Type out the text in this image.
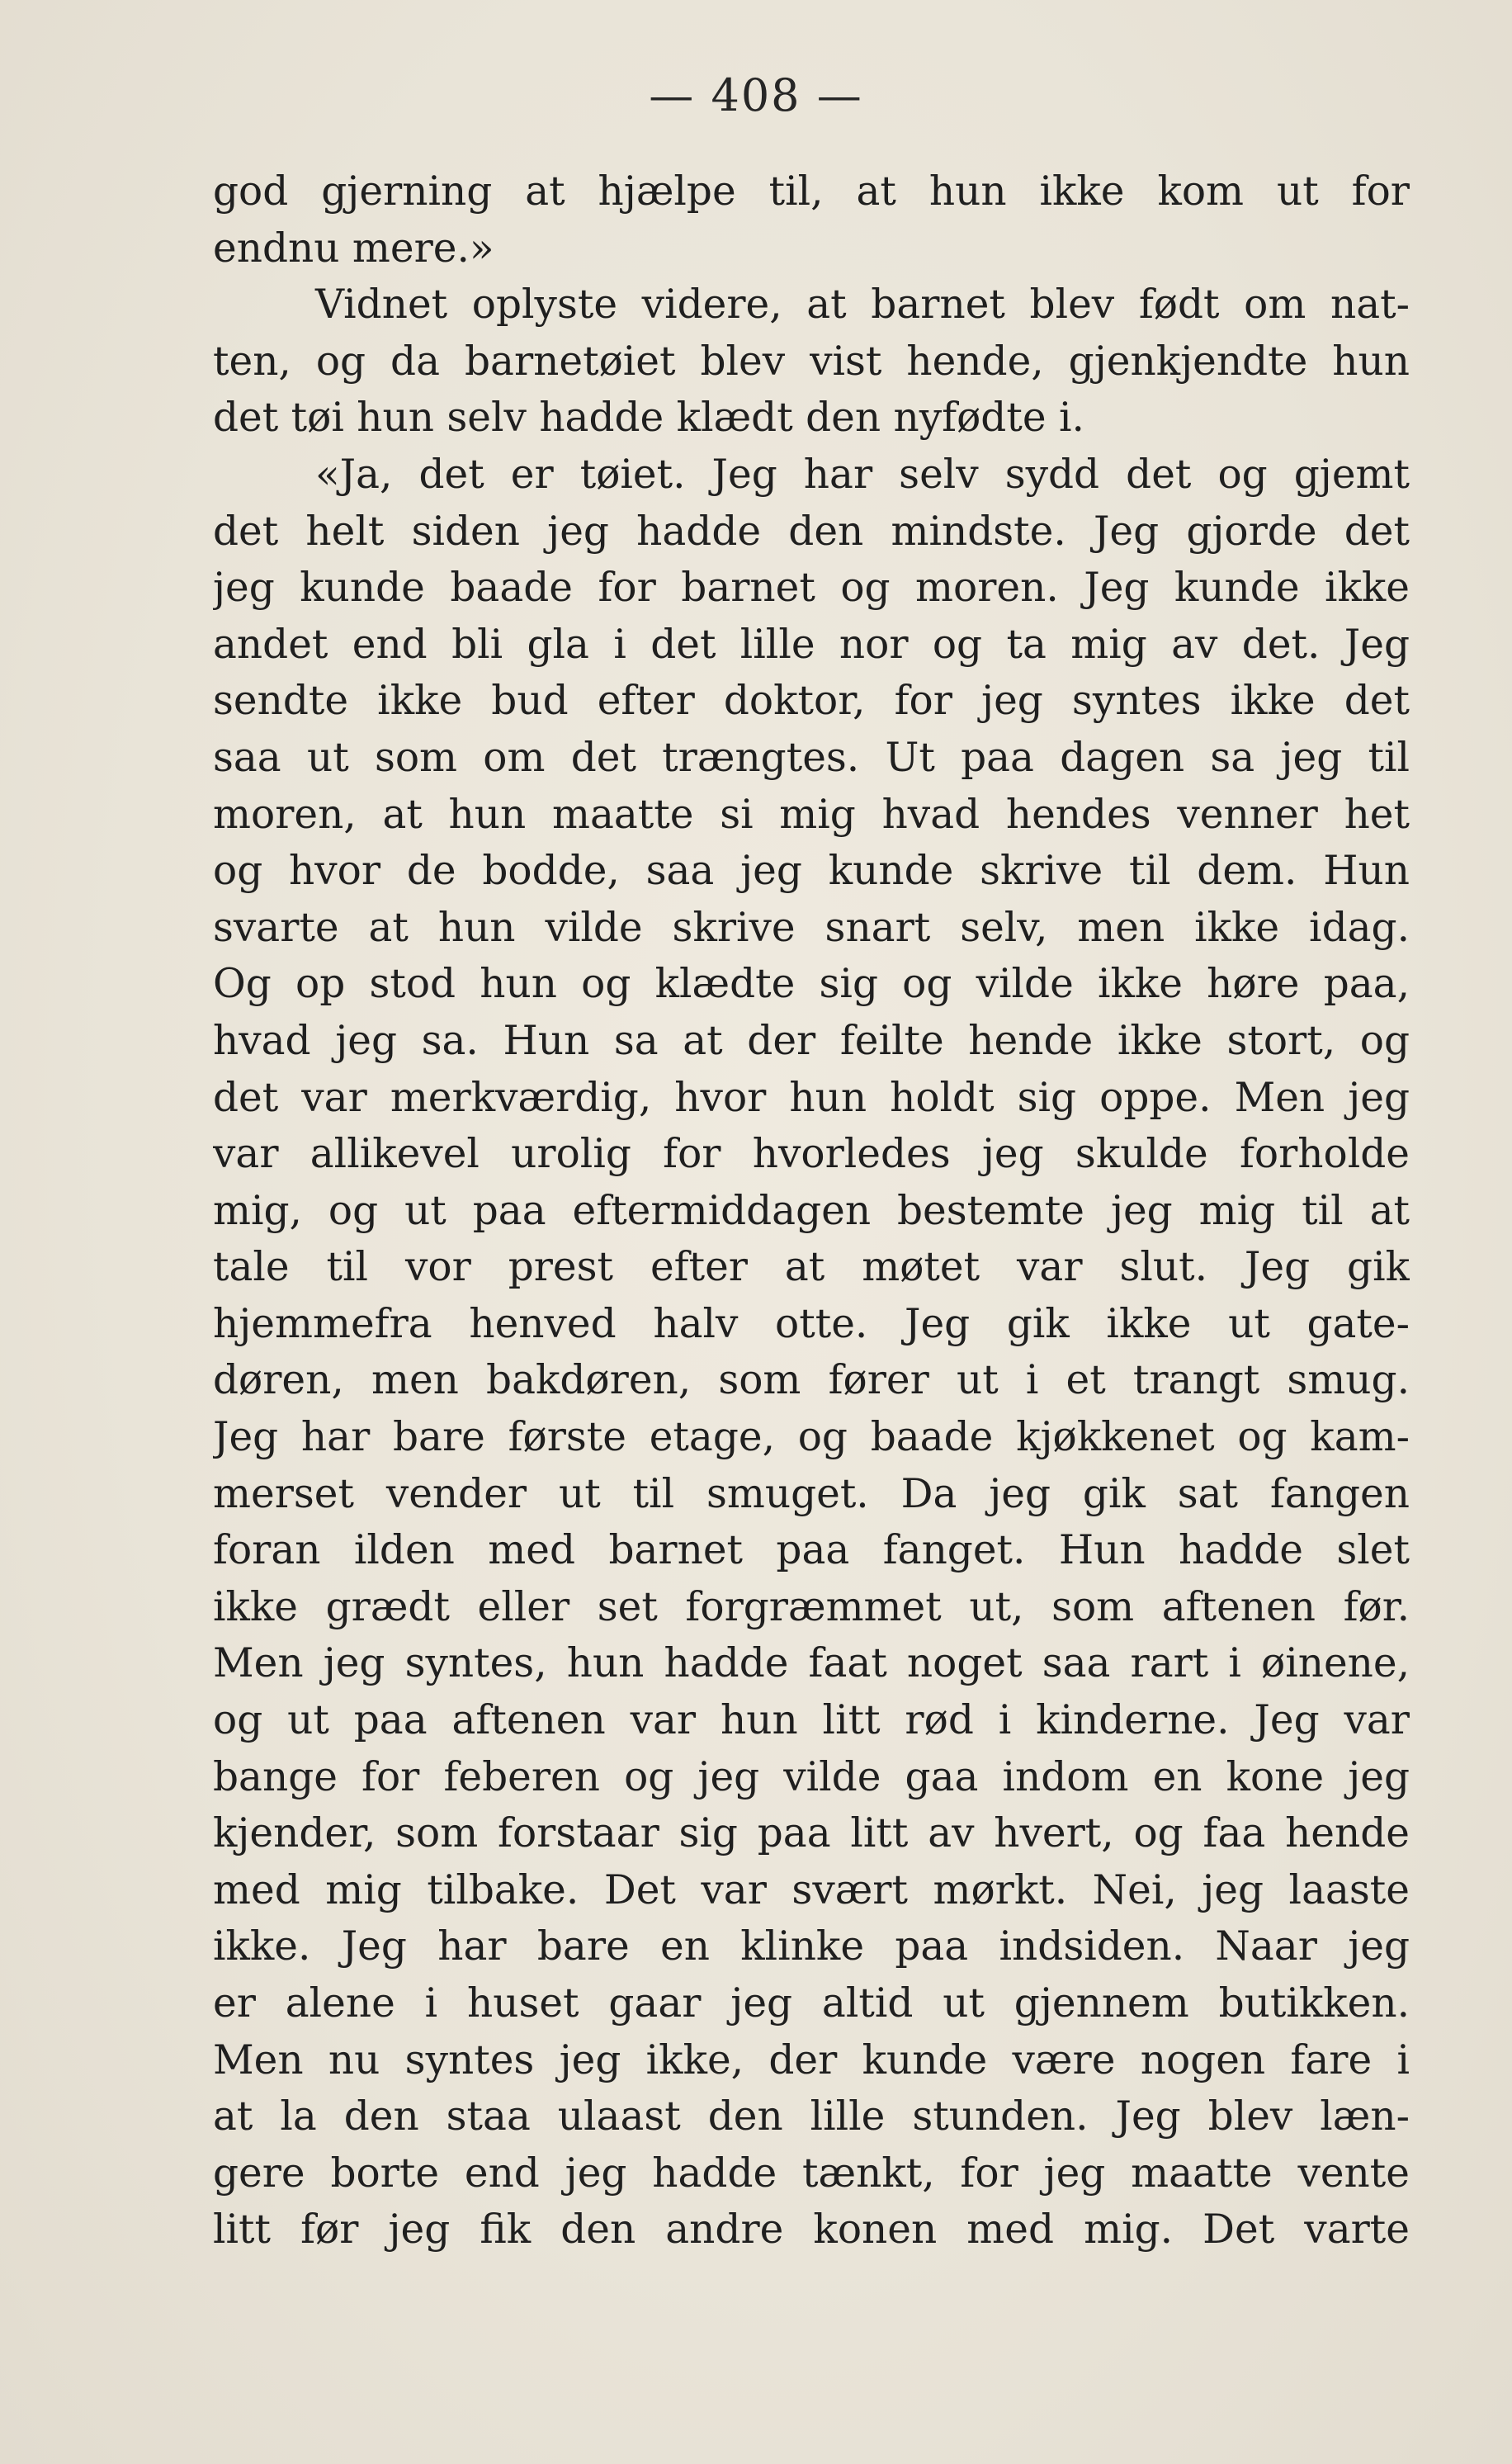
— 408 —
god gjerning at hjælpe til, at hun ikke kom ut for
endnu mere.»
Vidnet oplyste videre, at barnet blev født om nat-
ten, og da barnetøiet blev vist hende, gjenkjendte hun
det tøi hun selv hadde klædt den nyfødte i.
«Ja, det er tøiet. Jeg har selv sydd det og gjemt
det helt siden jeg hadde den mindste. Jeg gjorde det
jeg kunde baade for barnet og moren. Jeg kunde ikke
andet end bli gla i det lille nor og ta mig av det. Jeg
sendte ikke bud efter doktor, for jeg syntes ikke det
saa ut som om det trængtes. Ut paa dagen sa jeg til
moren, at hun maatte si mig hvad hendes venner het
og hvor de bodde, saa jeg kunde skrive til dem. Hun
svarte at hun vilde skrive snart selv, men ikke idag.
Og op stod hun og klædte sig og vilde ikke høre paa,
hvad jeg sa. Hun sa at der feilte hende ikke stort, og
det var merkværdig, hvor hun holdt sig oppe. Men jeg
var allikevel urolig for hvorledes jeg skulde forholde
mig, og ut paa eftermiddagen bestemte jeg mig til at
tale til vor prest efter at møtet var slut. Jeg gik
hjemmefra henved halv otte. Jeg gik ikke ut gate-
døren, men bakdøren, som fører ut i et trangt smug.
Jeg har bare første etage, og baade kjøkkenet og kam-
merset vender ut til smuget. Da jeg gik sat fangen
foran ilden med barnet paa fanget. Hun hadde slet
ikke grædt eller set forgræmmet ut, som aftenen før.
Men jeg syntes, hun hadde faat noget saa rart i øinene,
og ut paa aftenen var hun litt rød i kinderne. Jeg var
bange for feberen og jeg vilde gaa indom en kone jeg
kjender, som forstaar sig paa litt av hvert, og faa hende
med mig tilbake. Det var svært mørkt. Nei, jeg laaste
ikke. Jeg har bare en klinke paa indsiden. Naar jeg
er alene i huset gaar jeg altid ut gjennem butikken.
Men nu syntes jeg ikke, der kunde være nogen fare i
at la den staa ulaast den lille stunden. Jeg blev læn-
gere borte end jeg hadde tænkt, for jeg maatte vente
litt før jeg fik den andre konen med mig. Det varte
